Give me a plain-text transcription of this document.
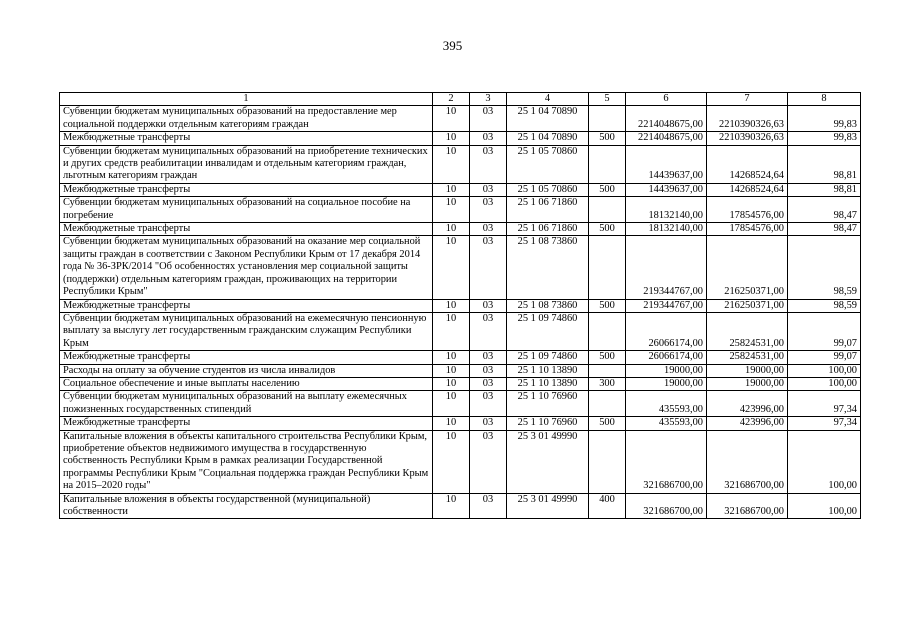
395
1	2	3	4	5	6	7	8
Субвенции бюджетам муниципальных образований на предоставление мер социальной поддержки отдельным категориям граждан	10	03	25 1 04 70890		2214048675,00	2210390326,63	99,83
Межбюджетные трансферты	10	03	25 1 04 70890	500	2214048675,00	2210390326,63	99,83
Субвенции бюджетам муниципальных образований на приобретение технических и других средств реабилитации инвалидам и отдельным категориям граждан, льготным категориям граждан	10	03	25 1 05 70860		14439637,00	14268524,64	98,81
Межбюджетные трансферты	10	03	25 1 05 70860	500	14439637,00	14268524,64	98,81
Субвенции бюджетам муниципальных образований на социальное пособие на погребение	10	03	25 1 06 71860		18132140,00	17854576,00	98,47
Межбюджетные трансферты	10	03	25 1 06 71860	500	18132140,00	17854576,00	98,47
Субвенции бюджетам муниципальных образований на оказание мер социальной защиты граждан в соответствии с Законом Республики Крым от 17 декабря 2014 года № 36-ЗРК/2014 "Об особенностях установления мер социальной защиты (поддержки) отдельным категориям граждан, проживающих на территории Республики Крым"	10	03	25 1 08 73860		219344767,00	216250371,00	98,59
Межбюджетные трансферты	10	03	25 1 08 73860	500	219344767,00	216250371,00	98,59
Субвенции бюджетам муниципальных образований на ежемесячную пенсионную выплату за выслугу лет государственным гражданским служащим Республики Крым	10	03	25 1 09 74860		26066174,00	25824531,00	99,07
Межбюджетные трансферты	10	03	25 1 09 74860	500	26066174,00	25824531,00	99,07
Расходы на оплату за обучение студентов из числа инвалидов	10	03	25 1 10 13890		19000,00	19000,00	100,00
Социальное обеспечение и иные выплаты населению	10	03	25 1 10 13890	300	19000,00	19000,00	100,00
Субвенции бюджетам муниципальных образований на выплату ежемесячных пожизненных государственных стипендий	10	03	25 1 10 76960		435593,00	423996,00	97,34
Межбюджетные трансферты	10	03	25 1 10 76960	500	435593,00	423996,00	97,34
Капитальные вложения в объекты капитального строительства Республики Крым, приобретение объектов недвижимого имущества в государственную собственность Республики Крым в рамках реализации Государственной программы Республики Крым "Социальная поддержка граждан Республики Крым на 2015–2020 годы"	10	03	25 3 01 49990		321686700,00	321686700,00	100,00
Капитальные вложения в объекты государственной (муниципальной) собственности	10	03	25 3 01 49990	400	321686700,00	321686700,00	100,00
